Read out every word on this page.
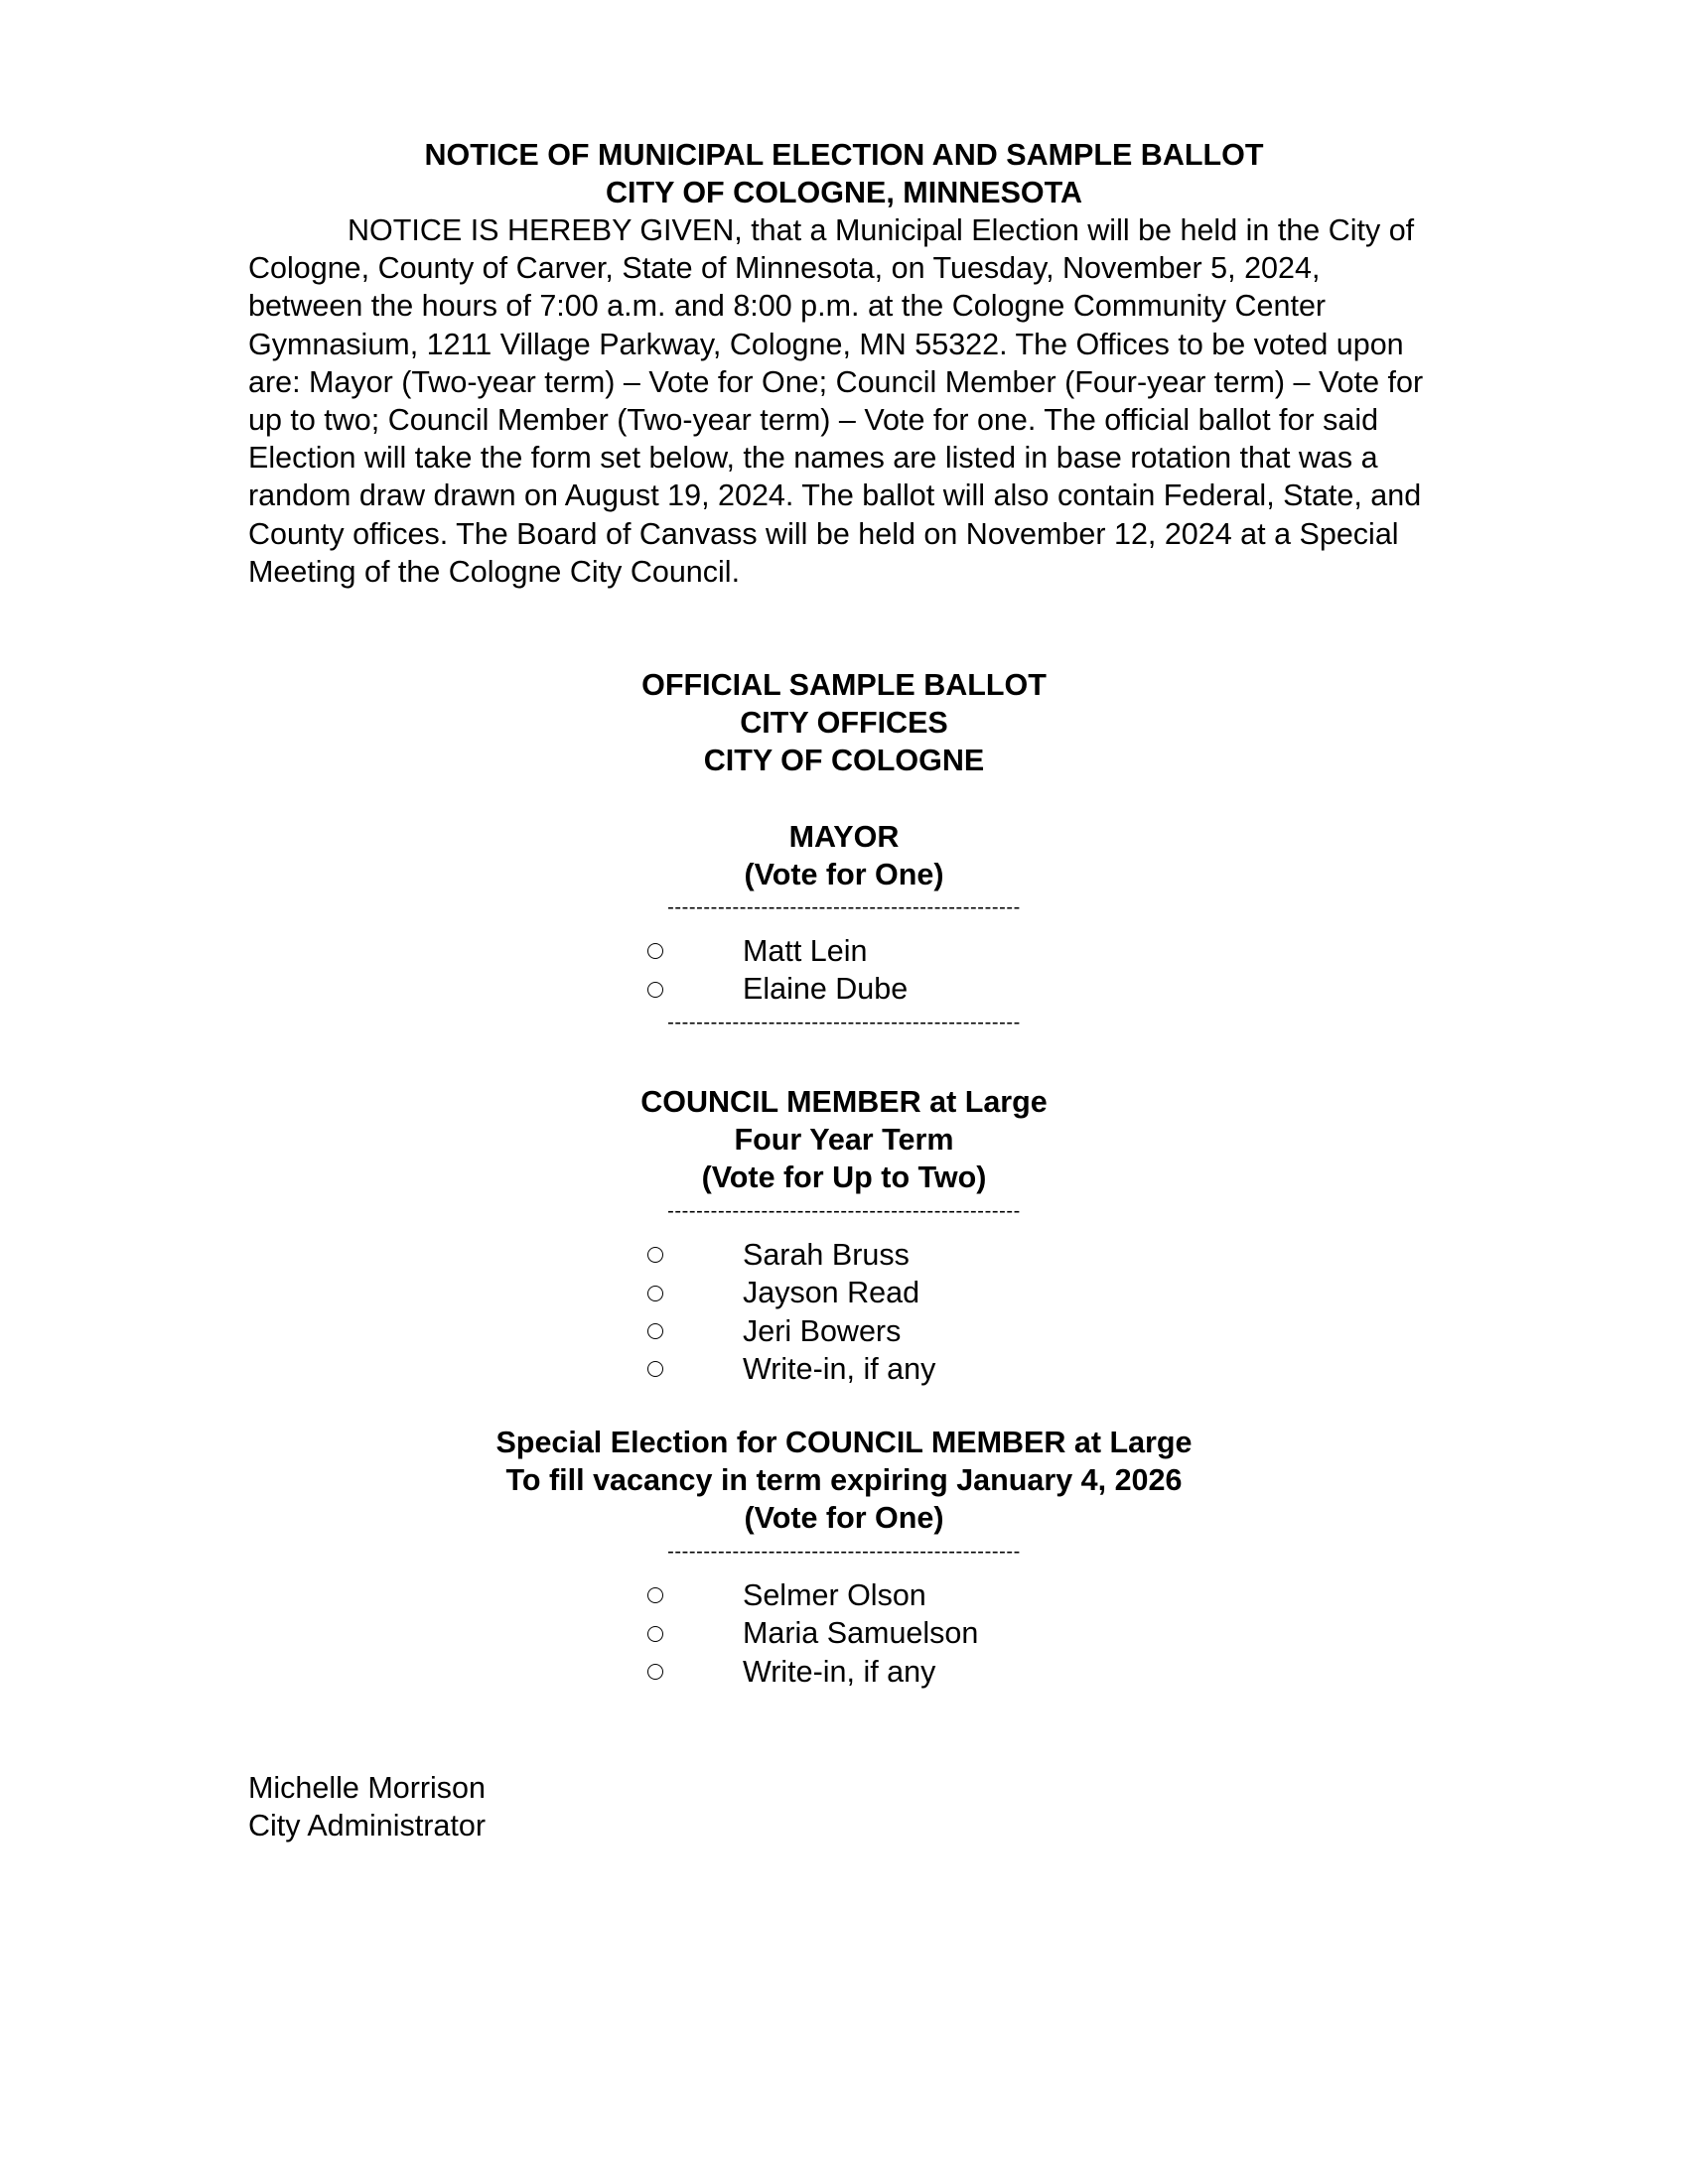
NOTICE OF MUNICIPAL ELECTION AND SAMPLE BALLOT
CITY OF COLOGNE, MINNESOTA

NOTICE IS HEREBY GIVEN, that a Municipal Election will be held in the City of Cologne, County of Carver, State of Minnesota, on Tuesday, November 5, 2024, between the hours of 7:00 a.m. and 8:00 p.m. at the Cologne Community Center Gymnasium, 1211 Village Parkway, Cologne, MN 55322. The Offices to be voted upon are: Mayor (Two-year term) – Vote for One; Council Member (Four-year term) – Vote for up to two; Council Member (Two-year term) – Vote for one. The official ballot for said Election will take the form set below, the names are listed in base rotation that was a random draw drawn on August 19, 2024. The ballot will also contain Federal, State, and County offices. The Board of Canvass will be held on November 12, 2024 at a Special Meeting of the Cologne City Council.

OFFICIAL SAMPLE BALLOT
CITY OFFICES
CITY OF COLOGNE
MAYOR
(Vote for One)
-------------------------------------------------
Matt Lein
Elaine Dube
-------------------------------------------------
COUNCIL MEMBER at Large
Four Year Term
(Vote for Up to Two)
-------------------------------------------------
Sarah Bruss
Jayson Read
Jeri Bowers
Write-in, if any
Special Election for COUNCIL MEMBER at Large
To fill vacancy in term expiring January 4, 2026
(Vote for One)
-------------------------------------------------
Selmer Olson
Maria Samuelson
Write-in, if any
Michelle Morrison
City Administrator
